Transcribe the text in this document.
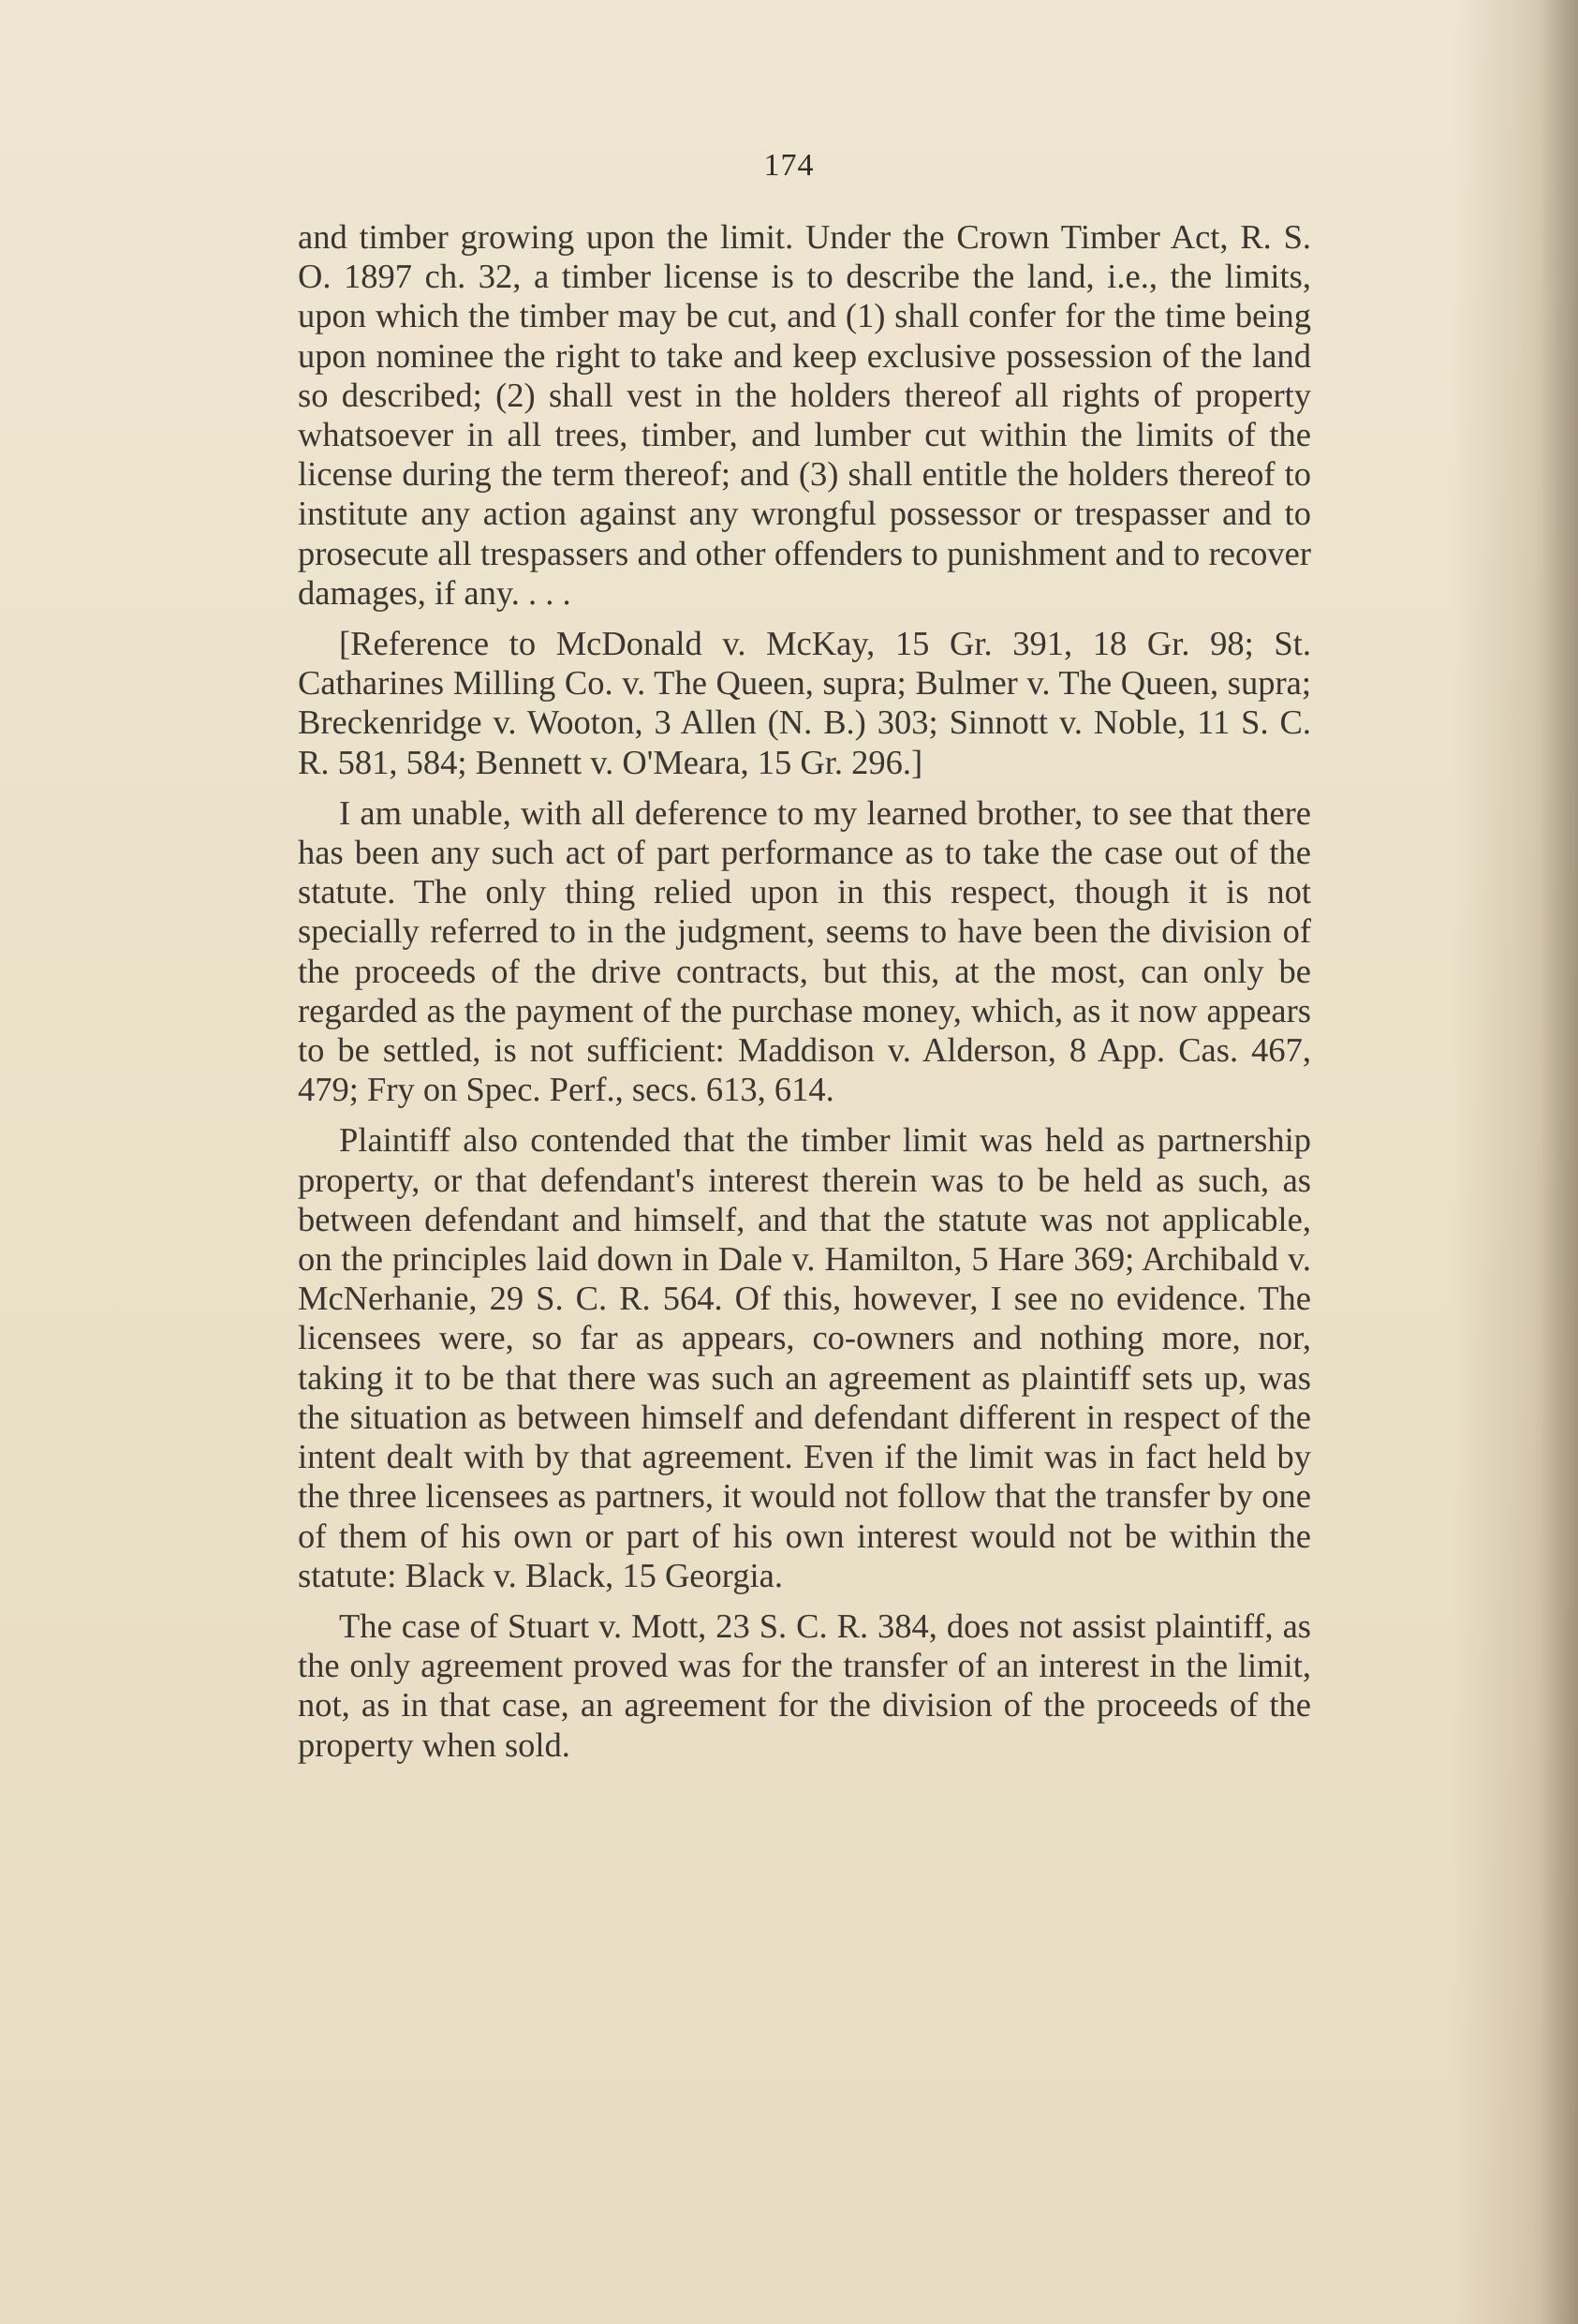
174

and timber growing upon the limit. Under the Crown Timber Act, R. S. O. 1897 ch. 32, a timber license is to describe the land, i.e., the limits, upon which the timber may be cut, and (1) shall confer for the time being upon nominee the right to take and keep exclusive possession of the land so described; (2) shall vest in the holders thereof all rights of property whatsoever in all trees, timber, and lumber cut within the limits of the license during the term thereof; and (3) shall entitle the holders thereof to institute any action against any wrongful possessor or trespasser and to prosecute all trespassers and other offenders to punishment and to recover damages, if any. . . .

[Reference to McDonald v. McKay, 15 Gr. 391, 18 Gr. 98; St. Catharines Milling Co. v. The Queen, supra; Bulmer v. The Queen, supra; Breckenridge v. Wooton, 3 Allen (N. B.) 303; Sinnott v. Noble, 11 S. C. R. 581, 584; Bennett v. O'Meara, 15 Gr. 296.]

I am unable, with all deference to my learned brother, to see that there has been any such act of part performance as to take the case out of the statute. The only thing relied upon in this respect, though it is not specially referred to in the judgment, seems to have been the division of the proceeds of the drive contracts, but this, at the most, can only be regarded as the payment of the purchase money, which, as it now appears to be settled, is not sufficient: Maddison v. Alderson, 8 App. Cas. 467, 479; Fry on Spec. Perf., secs. 613, 614.

Plaintiff also contended that the timber limit was held as partnership property, or that defendant's interest therein was to be held as such, as between defendant and himself, and that the statute was not applicable, on the principles laid down in Dale v. Hamilton, 5 Hare 369; Archibald v. McNerhanie, 29 S. C. R. 564. Of this, however, I see no evidence. The licensees were, so far as appears, co-owners and nothing more, nor, taking it to be that there was such an agreement as plaintiff sets up, was the situation as between himself and defendant different in respect of the intent dealt with by that agreement. Even if the limit was in fact held by the three licensees as partners, it would not follow that the transfer by one of them of his own or part of his own interest would not be within the statute: Black v. Black, 15 Georgia.

The case of Stuart v. Mott, 23 S. C. R. 384, does not assist plaintiff, as the only agreement proved was for the transfer of an interest in the limit, not, as in that case, an agreement for the division of the proceeds of the property when sold.
